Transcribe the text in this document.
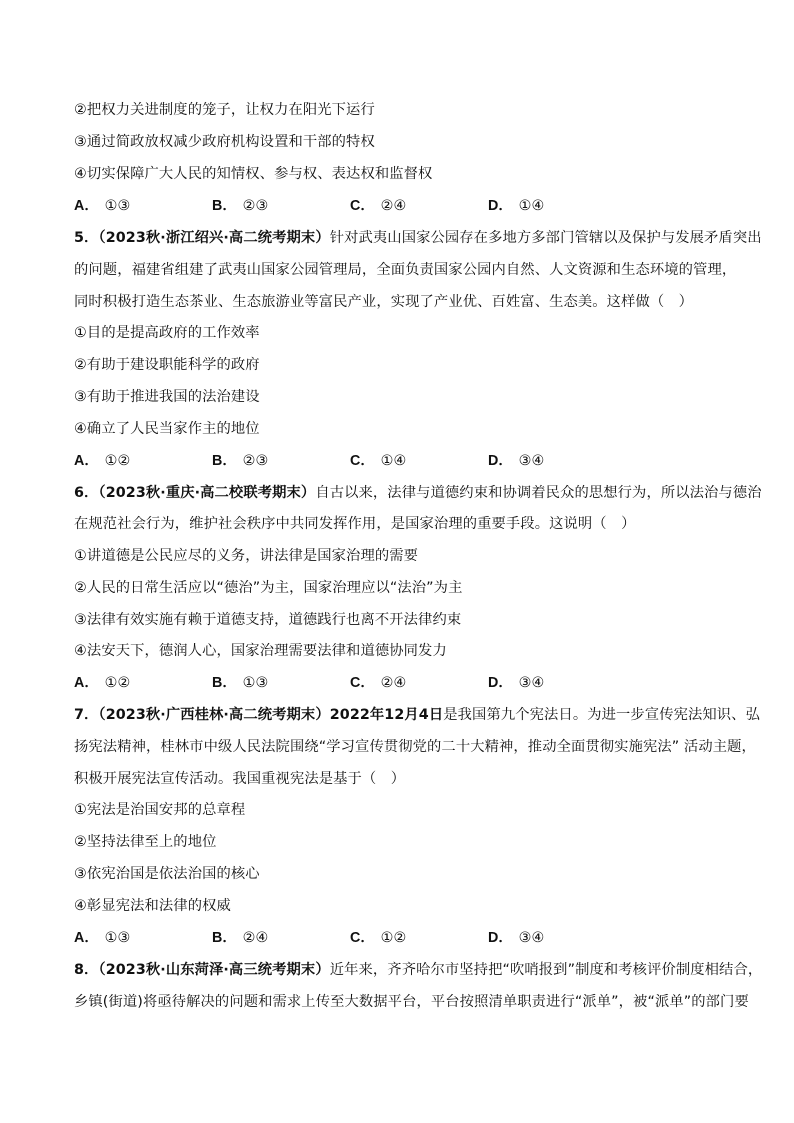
②把权力关进制度的笼子，让权力在阳光下运行
③通过简政放权减少政府机构设置和干部的特权
④切实保障广大人民的知情权、参与权、表达权和监督权
A． ①③	B． ②③	C． ②④	D． ①④
5．（2023秋·浙江绍兴·高二统考期末）针对武夷山国家公园存在多地方多部门管辖以及保护与发展矛盾突出
的问题，福建省组建了武夷山国家公园管理局，全面负责国家公园内自然、人文资源和生态环境的管理，
同时积极打造生态茶业、生态旅游业等富民产业，实现了产业优、百姓富、生态美。这样做（　）
①目的是提高政府的工作效率
②有助于建设职能科学的政府
③有助于推进我国的法治建设
④确立了人民当家作主的地位
A． ①②	B． ②③	C． ①④	D． ③④
6．（2023秋·重庆·高二校联考期末）自古以来，法律与道德约束和协调着民众的思想行为，所以法治与德治
在规范社会行为，维护社会秩序中共同发挥作用，是国家治理的重要手段。这说明（　）
①讲道德是公民应尽的义务，讲法律是国家治理的需要
②人民的日常生活应以“德治”为主，国家治理应以“法治”为主
③法律有效实施有赖于道德支持，道德践行也离不开法律约束
④法安天下，德润人心，国家治理需要法律和道德协同发力
A． ①②	B． ①③	C． ②④	D． ③④
7．（2023秋·广西桂林·高二统考期末）2022年12月4日是我国第九个宪法日。为进一步宣传宪法知识、弘
扬宪法精神，桂林市中级人民法院围绕“学习宣传贯彻党的二十大精神，推动全面贯彻实施宪法” 活动主题，
积极开展宪法宣传活动。我国重视宪法是基于（　）
①宪法是治国安邦的总章程
②坚持法律至上的地位
③依宪治国是依法治国的核心
④彰显宪法和法律的权威
A． ①③	B． ②④	C． ①②	D． ③④
8．（2023秋·山东菏泽·高三统考期末）近年来，齐齐哈尔市坚持把“吹哨报到”制度和考核评价制度相结合，
乡镇(街道)将亟待解决的问题和需求上传至大数据平台，平台按照清单职责进行“派单”，被“派单”的部门要
